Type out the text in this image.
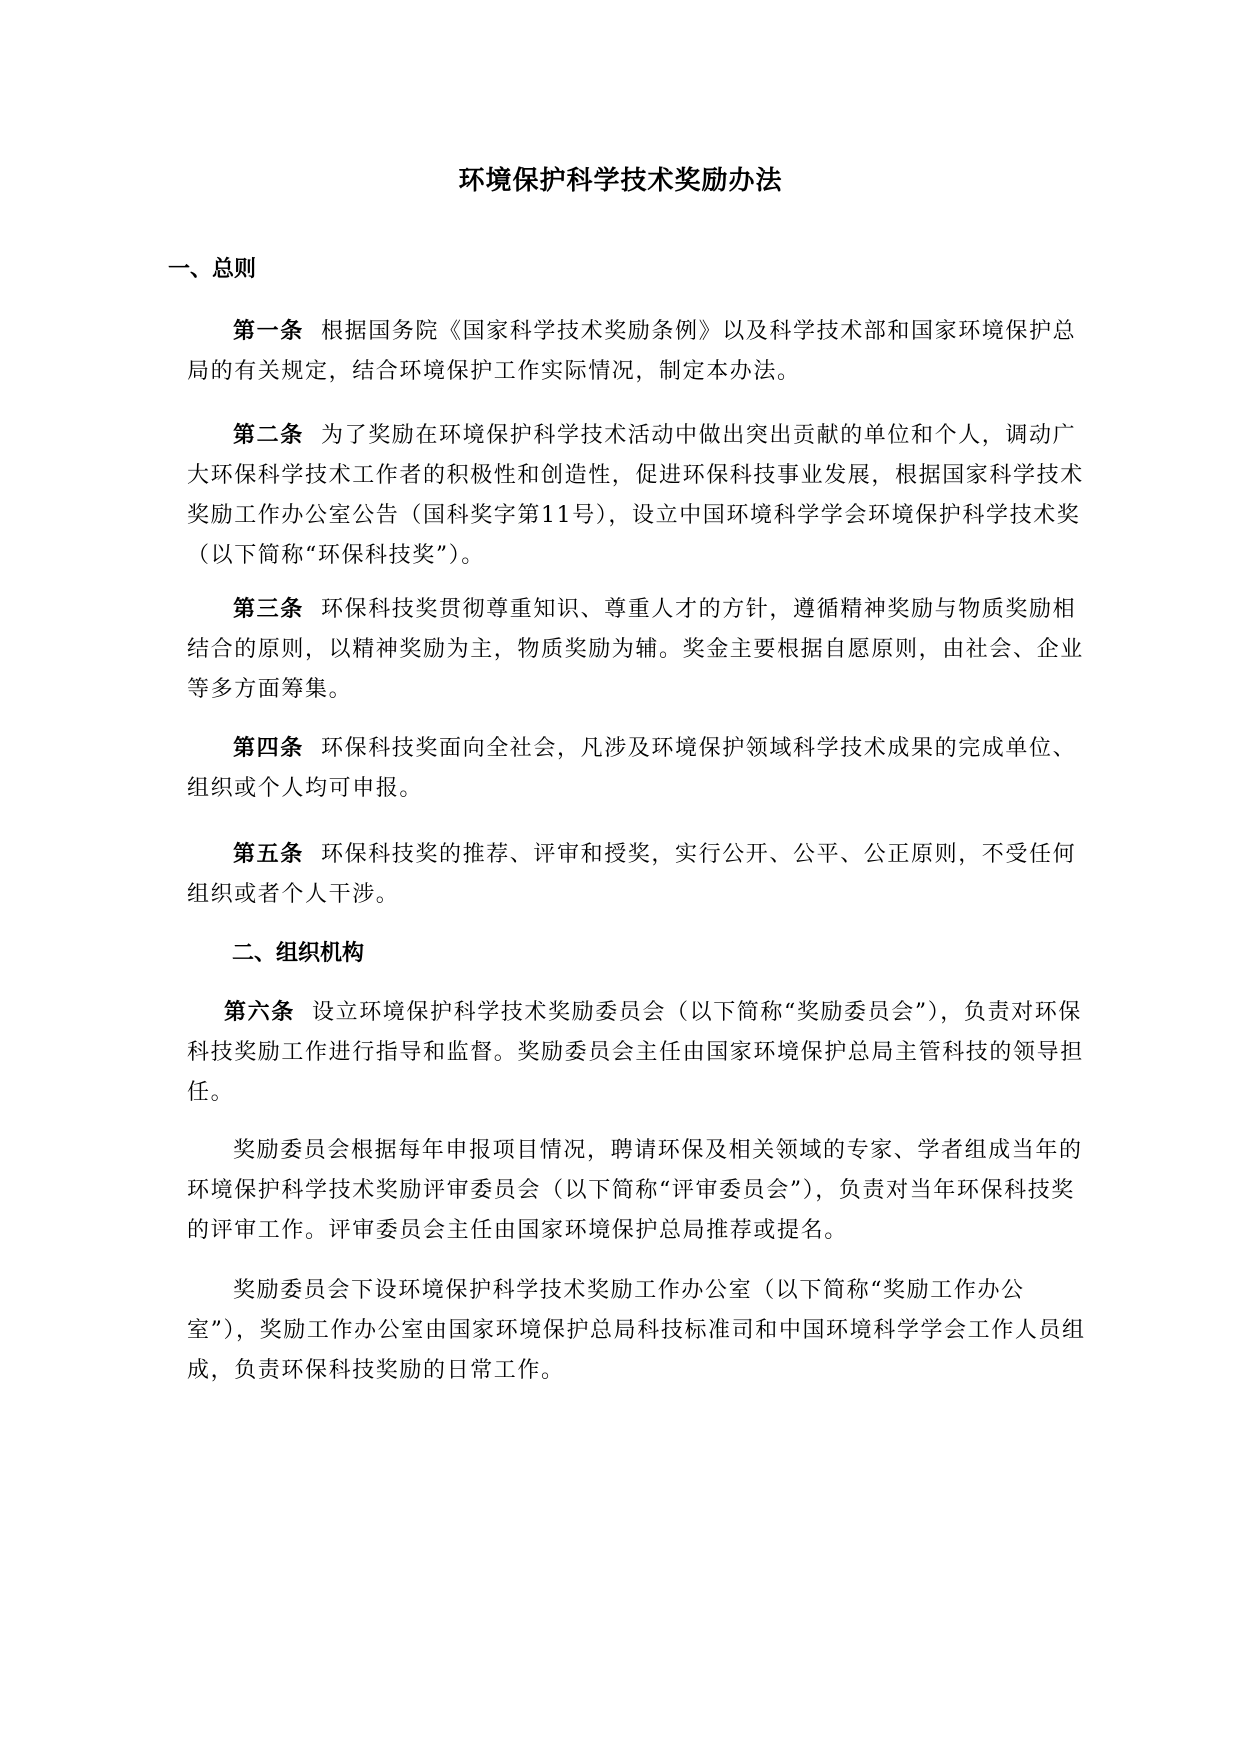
环境保护科学技术奖励办法
一、总则
第一条 根据国务院《国家科学技术奖励条例》以及科学技术部和国家环境保护总局的有关规定，结合环境保护工作实际情况，制定本办法。
第二条 为了奖励在环境保护科学技术活动中做出突出贡献的单位和个人，调动广大环保科学技术工作者的积极性和创造性，促进环保科技事业发展，根据国家科学技术奖励工作办公室公告（国科奖字第11号），设立中国环境科学学会环境保护科学技术奖（以下简称“环保科技奖”）。
第三条 环保科技奖贯彻尊重知识、尊重人才的方针，遵循精神奖励与物质奖励相结合的原则，以精神奖励为主，物质奖励为辅。奖金主要根据自愿原则，由社会、企业等多方面筹集。
第四条 环保科技奖面向全社会，凡涉及环境保护领域科学技术成果的完成单位、组织或个人均可申报。
第五条 环保科技奖的推荐、评审和授奖，实行公开、公平、公正原则，不受任何组织或者个人干涉。
二、组织机构
第六条 设立环境保护科学技术奖励委员会（以下简称“奖励委员会”），负责对环保科技奖励工作进行指导和监督。奖励委员会主任由国家环境保护总局主管科技的领导担任。
奖励委员会根据每年申报项目情况，聘请环保及相关领域的专家、学者组成当年的环境保护科学技术奖励评审委员会（以下简称“评审委员会”），负责对当年环保科技奖的评审工作。评审委员会主任由国家环境保护总局推荐或提名。
奖励委员会下设环境保护科学技术奖励工作办公室（以下简称“奖励工作办公室”），奖励工作办公室由国家环境保护总局科技标准司和中国环境科学学会工作人员组成，负责环保科技奖励的日常工作。
